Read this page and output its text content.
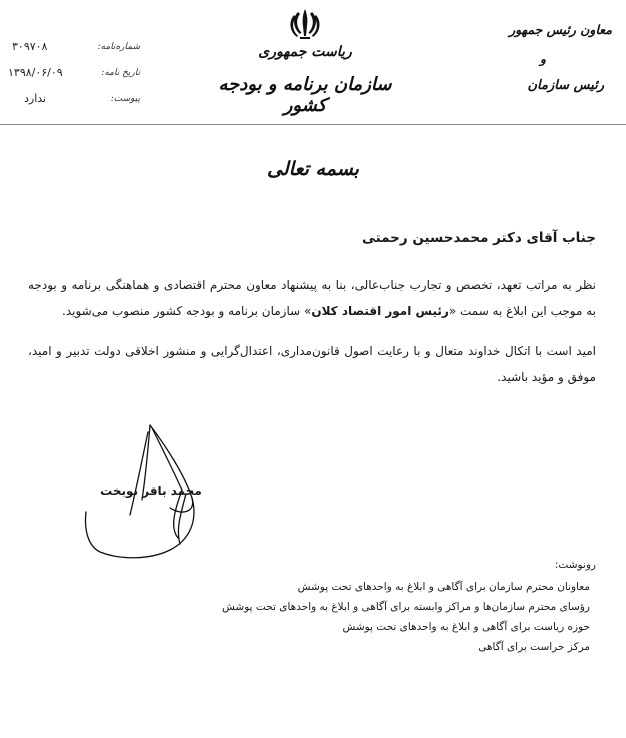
۳۰۹۷۰۸	شماره‌نامه:
۱۳۹۸/۰۶/۰۹	تاریخ نامه:
ندارد	پیوست:
ریاست جمهوری
سازمان برنامه و بودجه کشور
معاون رئیس جمهور
و
رئیس سازمان
بسمه تعالی
جناب آقای دکتر محمدحسین رحمتی
نظر به مراتب تعهد، تخصص و تجارب جناب‌عالی، بنا به پیشنهاد معاون محترم اقتصادی و هماهنگی برنامه و بودجه به موجب این ابلاغ به سمت «رئیس امور اقتصاد کلان» سازمان برنامه و بودجه کشور منصوب می‌شوید.
امید است با اتکال خداوند متعال و با رعایت اصول قانون‌مداری، اعتدال‌گرایی و منشور اخلاقی دولت تدبیر و امید، موفق و مؤید باشید.
محمد باقر نوبخت
رونوشت:
معاونان محترم سازمان برای آگاهی و ابلاغ به واحدهای تحت پوشش
رؤسای محترم سازمان‌ها و مراکز وابسته برای آگاهی و ابلاغ به واحدهای تحت پوشش
حوزه ریاست برای آگاهی و ابلاغ به واحدهای تحت پوشش
مرکز حراست برای آگاهی
